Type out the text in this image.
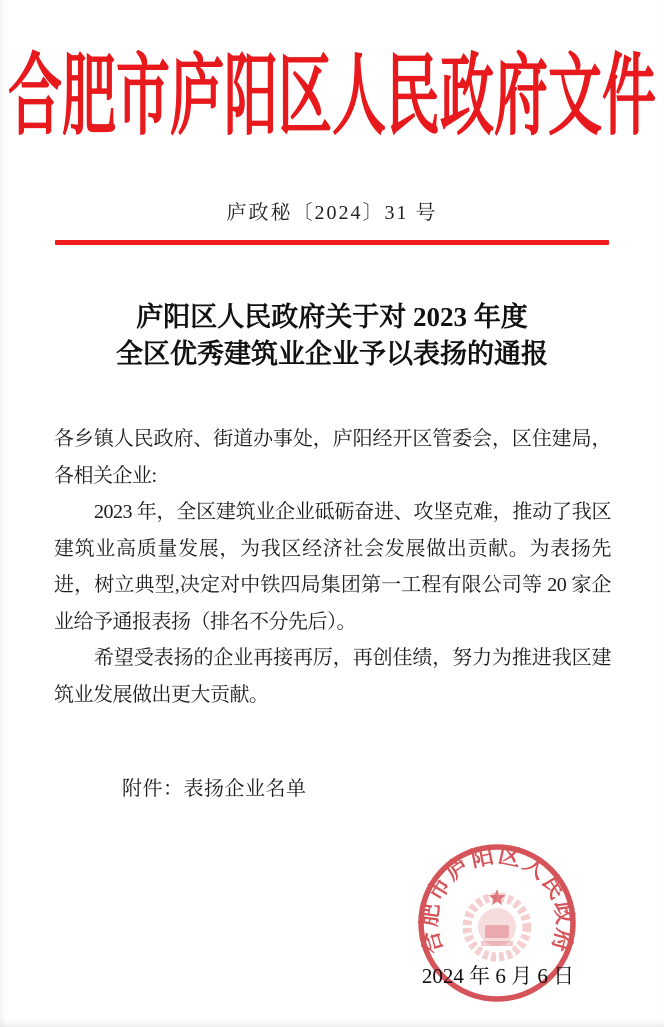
合肥市庐阳区人民政府文件
庐政秘〔2024〕31 号
庐阳区人民政府关于对 2023 年度
全区优秀建筑业企业予以表扬的通报

各乡镇人民政府、街道办事处，庐阳经开区管委会，区住建局，各相关企业:

2023 年，全区建筑业企业砥砺奋进、攻坚克难，推动了我区建筑业高质量发展，为我区经济社会发展做出贡献。为表扬先进，树立典型,决定对中铁四局集团第一工程有限公司等 20 家企业给予通报表扬（排名不分先后）。

希望受表扬的企业再接再厉，再创佳绩，努力为推进我区建筑业发展做出更大贡献。

附件：表扬企业名单
合肥市庐阳区人民政府
2024 年 6 月 6 日
